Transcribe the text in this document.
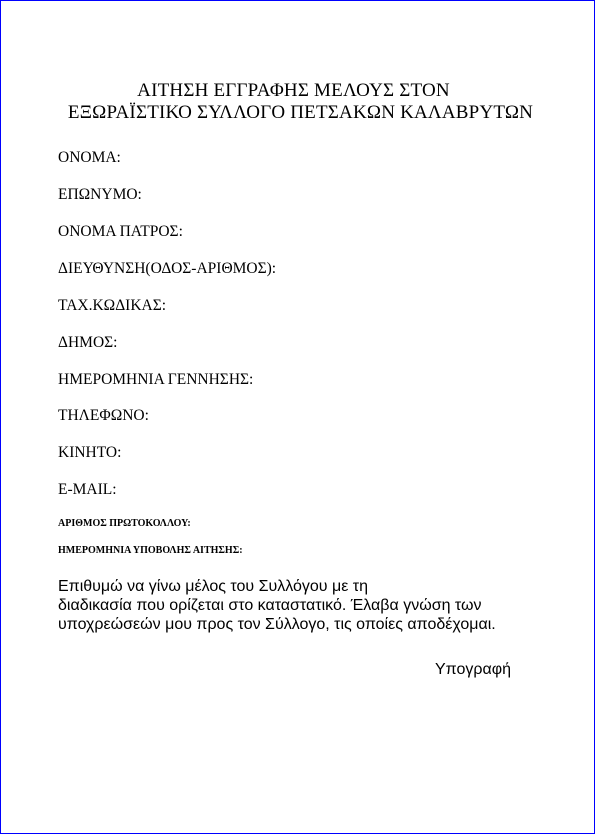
ΑΙΤΗΣΗ ΕΓΓΡΑΦΗΣ ΜΕΛΟΥΣ ΣΤΟΝ
ΕΞΩΡΑΪΣΤΙΚΟ ΣΥΛΛΟΓΟ ΠΕΤΣΑΚΩΝ ΚΑΛΑΒΡΥΤΩΝ
ΟΝΟΜΑ:
ΕΠΩΝΥΜΟ:
ΟΝΟΜΑ ΠΑΤΡΟΣ:
ΔΙΕΥΘΥΝΣΗ(ΟΔΟΣ-ΑΡΙΘΜΟΣ):
ΤΑΧ.ΚΩΔΙΚΑΣ:
ΔΗΜΟΣ:
ΗΜΕΡΟΜΗΝΙΑ ΓΕΝΝΗΣΗΣ:
ΤΗΛΕΦΩΝΟ:
ΚΙΝΗΤΟ:
E-MAIL:
ΑΡΙΘΜΟΣ ΠΡΩΤΟΚΟΛΛΟΥ:
ΗΜΕΡΟΜΗΝΙΑ ΥΠΟΒΟΛΗΣ ΑΙΤΗΣΗΣ:
Επιθυμώ να γίνω μέλος του Συλλόγου με τη
διαδικασία που ορίζεται στο καταστατικό. Έλαβα γνώση των
υποχρεώσεών μου προς τον Σύλλογο, τις οποίες αποδέχομαι.
Υπογραφή
